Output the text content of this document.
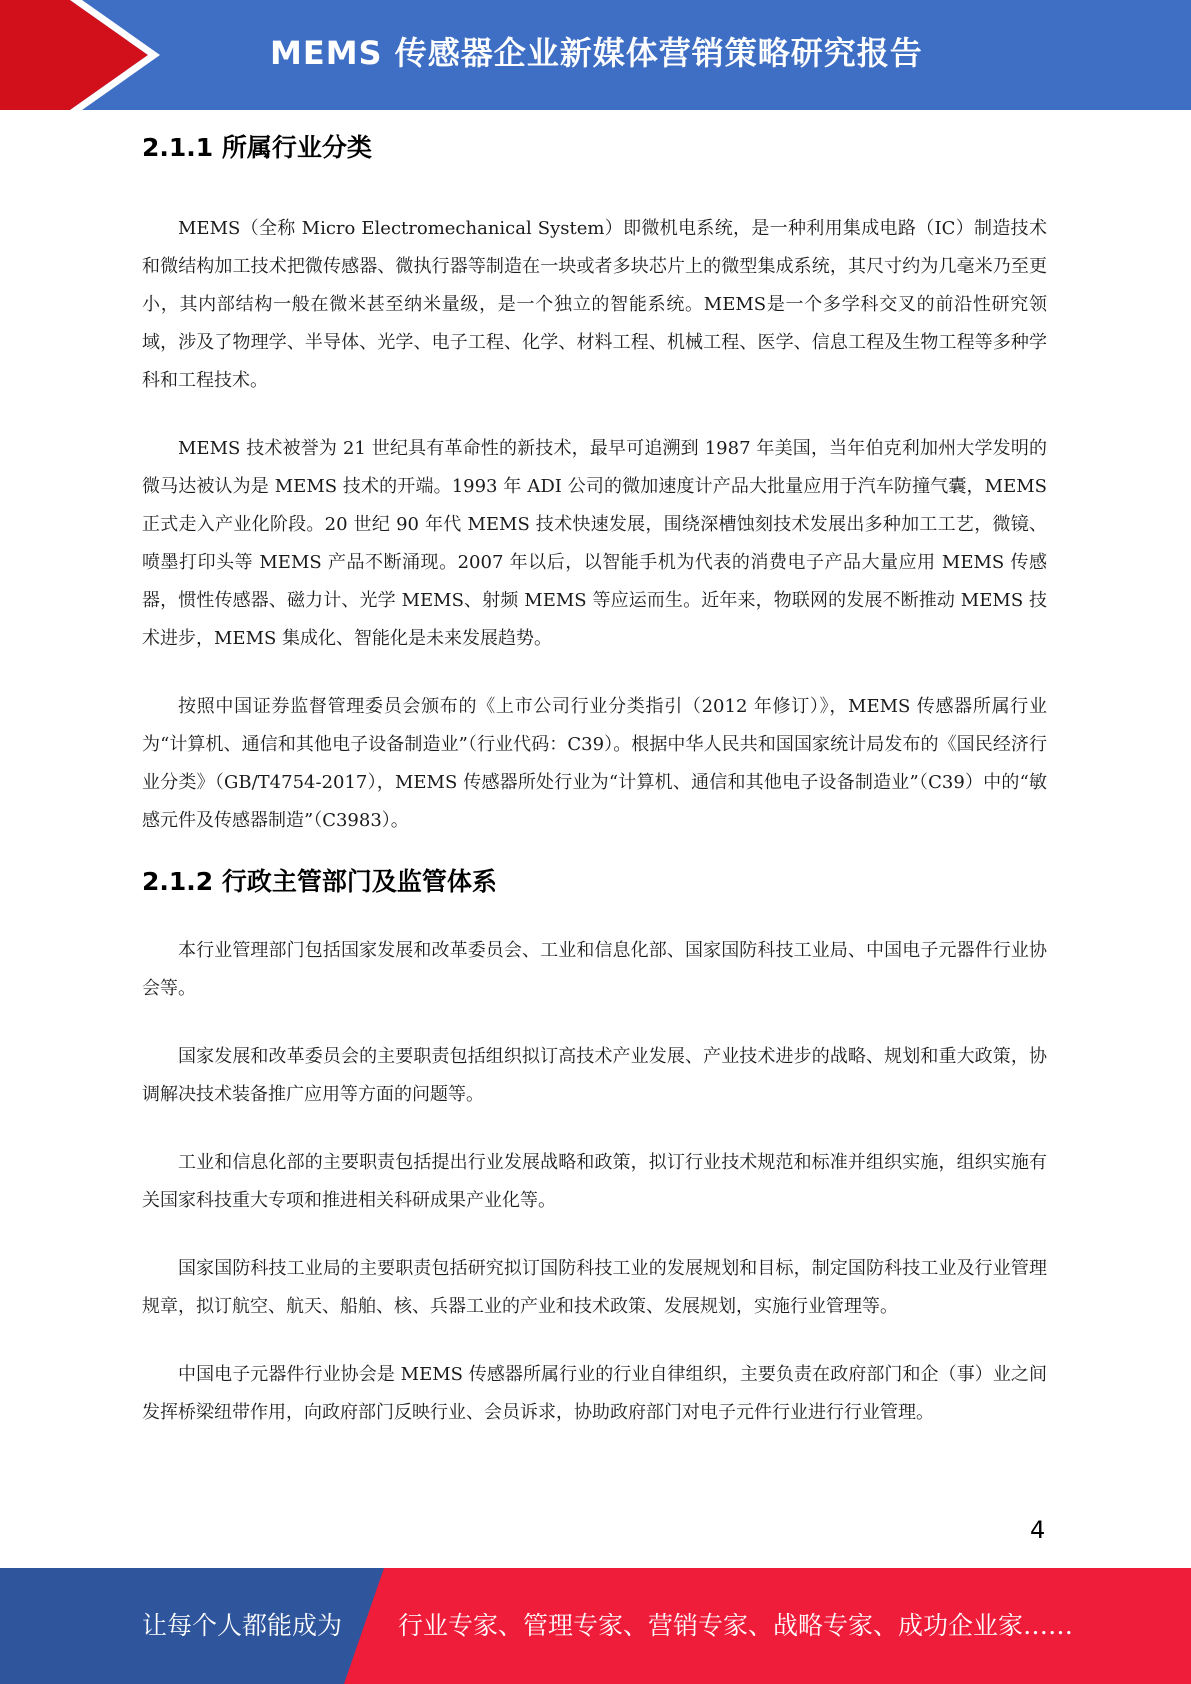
MEMS 传感器企业新媒体营销策略研究报告
2.1.1 所属行业分类

MEMS（全称 Micro Electromechanical System）即微机电系统，是一种利用集成电路（IC）制造技术和微结构加工技术把微传感器、微执行器等制造在一块或者多块芯片上的微型集成系统，其尺寸约为几毫米乃至更小，其内部结构一般在微米甚至纳米量级，是一个独立的智能系统。MEMS是一个多学科交叉的前沿性研究领域，涉及了物理学、半导体、光学、电子工程、化学、材料工程、机械工程、医学、信息工程及生物工程等多种学科和工程技术。

MEMS 技术被誉为 21 世纪具有革命性的新技术，最早可追溯到 1987 年美国，当年伯克利加州大学发明的微马达被认为是 MEMS 技术的开端。1993 年 ADI 公司的微加速度计产品大批量应用于汽车防撞气囊，MEMS 正式走入产业化阶段。20 世纪 90 年代 MEMS 技术快速发展，围绕深槽蚀刻技术发展出多种加工工艺，微镜、喷墨打印头等 MEMS 产品不断涌现。2007 年以后，以智能手机为代表的消费电子产品大量应用 MEMS 传感器，惯性传感器、磁力计、光学 MEMS、射频 MEMS 等应运而生。近年来，物联网的发展不断推动 MEMS 技术进步，MEMS 集成化、智能化是未来发展趋势。

按照中国证券监督管理委员会颁布的《上市公司行业分类指引（2012 年修订）》，MEMS 传感器所属行业为“计算机、通信和其他电子设备制造业”（行业代码：C39）。根据中华人民共和国国家统计局发布的《国民经济行业分类》（GB/T4754-2017），MEMS 传感器所处行业为“计算机、通信和其他电子设备制造业”（C39）中的“敏感元件及传感器制造”（C3983）。

2.1.2 行政主管部门及监管体系

本行业管理部门包括国家发展和改革委员会、工业和信息化部、国家国防科技工业局、中国电子元器件行业协会等。

国家发展和改革委员会的主要职责包括组织拟订高技术产业发展、产业技术进步的战略、规划和重大政策，协调解决技术装备推广应用等方面的问题等。

工业和信息化部的主要职责包括提出行业发展战略和政策，拟订行业技术规范和标准并组织实施，组织实施有关国家科技重大专项和推进相关科研成果产业化等。

国家国防科技工业局的主要职责包括研究拟订国防科技工业的发展规划和目标，制定国防科技工业及行业管理规章，拟订航空、航天、船舶、核、兵器工业的产业和技术政策、发展规划，实施行业管理等。

中国电子元器件行业协会是 MEMS 传感器所属行业的行业自律组织，主要负责在政府部门和企（事）业之间发挥桥梁纽带作用，向政府部门反映行业、会员诉求，协助政府部门对电子元件行业进行行业管理。

4
让每个人都能成为 行业专家、管理专家、营销专家、战略专家、成功企业家……
